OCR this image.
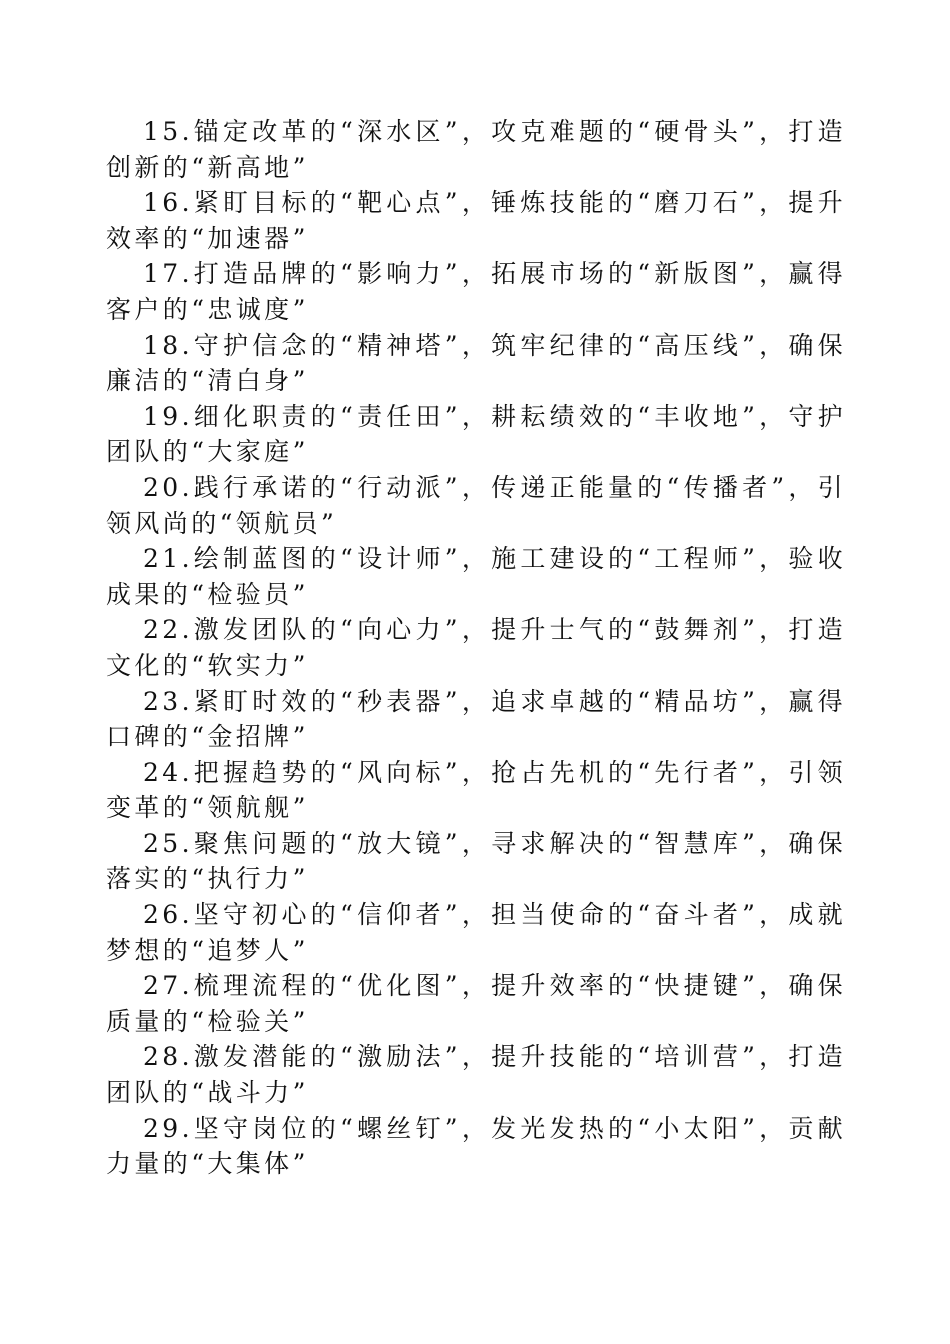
15.锚定改革的“深水区”，攻克难题的“硬骨头”，打造创新的“新高地”

16.紧盯目标的“靶心点”，锤炼技能的“磨刀石”，提升效率的“加速器”

17.打造品牌的“影响力”，拓展市场的“新版图”，赢得客户的“忠诚度”

18.守护信念的“精神塔”，筑牢纪律的“高压线”，确保廉洁的“清白身”

19.细化职责的“责任田”，耕耘绩效的“丰收地”，守护团队的“大家庭”

20.践行承诺的“行动派”，传递正能量的“传播者”，引领风尚的“领航员”

21.绘制蓝图的“设计师”，施工建设的“工程师”，验收成果的“检验员”

22.激发团队的“向心力”，提升士气的“鼓舞剂”，打造文化的“软实力”

23.紧盯时效的“秒表器”，追求卓越的“精品坊”，赢得口碑的“金招牌”

24.把握趋势的“风向标”，抢占先机的“先行者”，引领变革的“领航舰”

25.聚焦问题的“放大镜”，寻求解决的“智慧库”，确保落实的“执行力”

26.坚守初心的“信仰者”，担当使命的“奋斗者”，成就梦想的“追梦人”

27.梳理流程的“优化图”，提升效率的“快捷键”，确保质量的“检验关”

28.激发潜能的“激励法”，提升技能的“培训营”，打造团队的“战斗力”

29.坚守岗位的“螺丝钉”，发光发热的“小太阳”，贡献力量的“大集体”
